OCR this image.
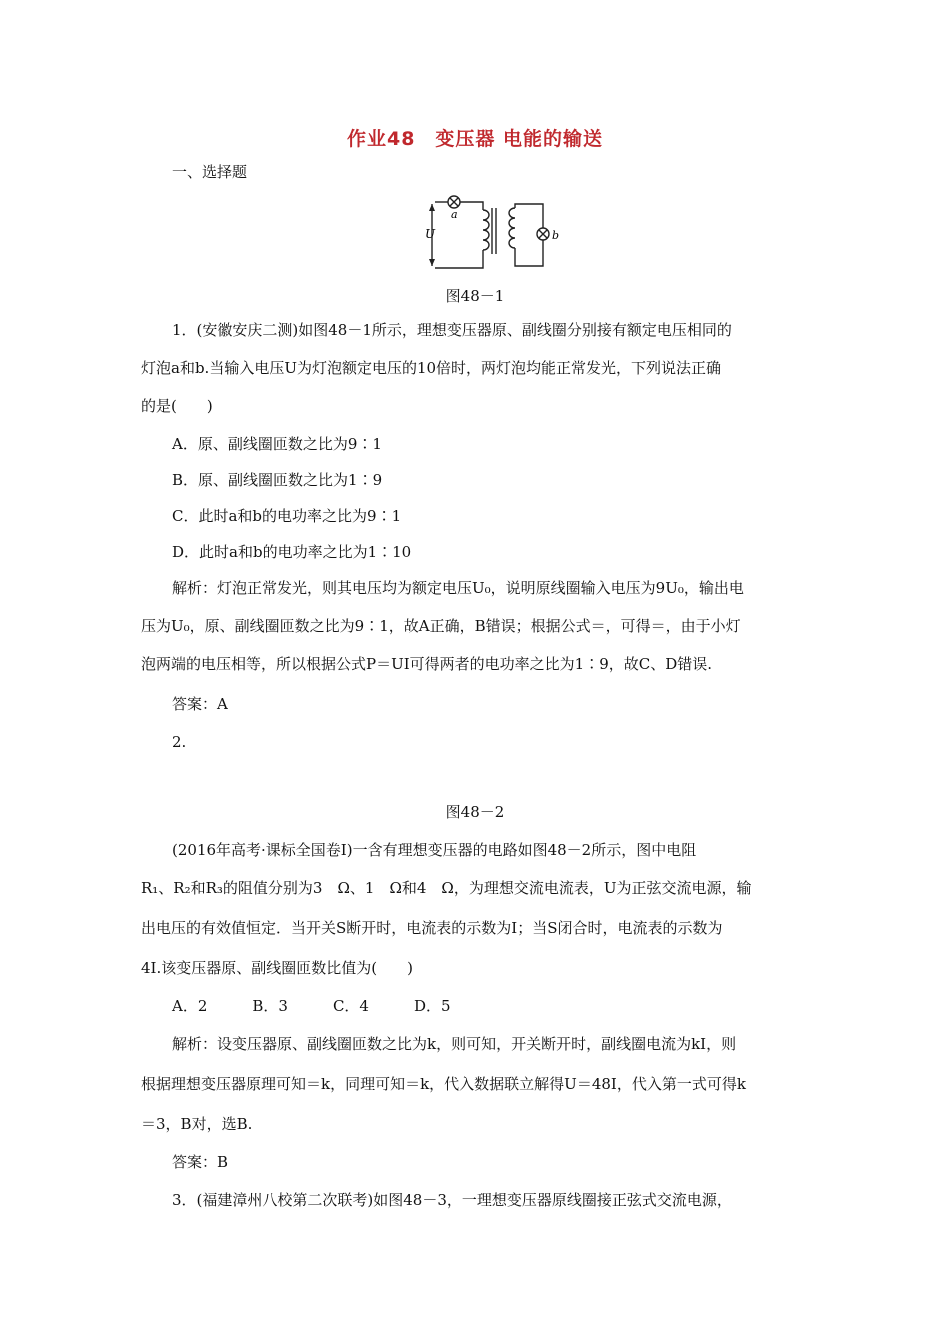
作业48　变压器 电能的输送
一、选择题
U
a
b
图48－1
1．(安徽安庆二测)如图48－1所示，理想变压器原、副线圈分别接有额定电压相同的
灯泡a和b.当输入电压U为灯泡额定电压的10倍时，两灯泡均能正常发光，下列说法正确
的是(　　)
A．原、副线圈匝数之比为9∶1
B．原、副线圈匝数之比为1∶9
C．此时a和b的电功率之比为9∶1
D．此时a和b的电功率之比为1∶10
解析：灯泡正常发光，则其电压均为额定电压U₀，说明原线圈输入电压为9U₀，输出电
压为U₀，原、副线圈匝数之比为9∶1，故A正确，B错误；根据公式＝，可得＝，由于小灯
泡两端的电压相等，所以根据公式P＝UI可得两者的电功率之比为1∶9，故C、D错误.
答案：A
2.
图48－2
(2016年高考·课标全国卷Ⅰ)一含有理想变压器的电路如图48－2所示，图中电阻
R₁、R₂和R₃的阻值分别为3　Ω、1　Ω和4　Ω，为理想交流电流表，U为正弦交流电源，输
出电压的有效值恒定．当开关S断开时，电流表的示数为I；当S闭合时，电流表的示数为
4I.该变压器原、副线圈匝数比值为(　　)
A．2　　　B．3　　　C．4　　　D．5
解析：设变压器原、副线圈匝数之比为k，则可知，开关断开时，副线圈电流为kI，则
根据理想变压器原理可知＝k，同理可知＝k，代入数据联立解得U＝48I，代入第一式可得k
＝3，B对，选B.
答案：B
3．(福建漳州八校第二次联考)如图48－3，一理想变压器原线圈接正弦式交流电源，
